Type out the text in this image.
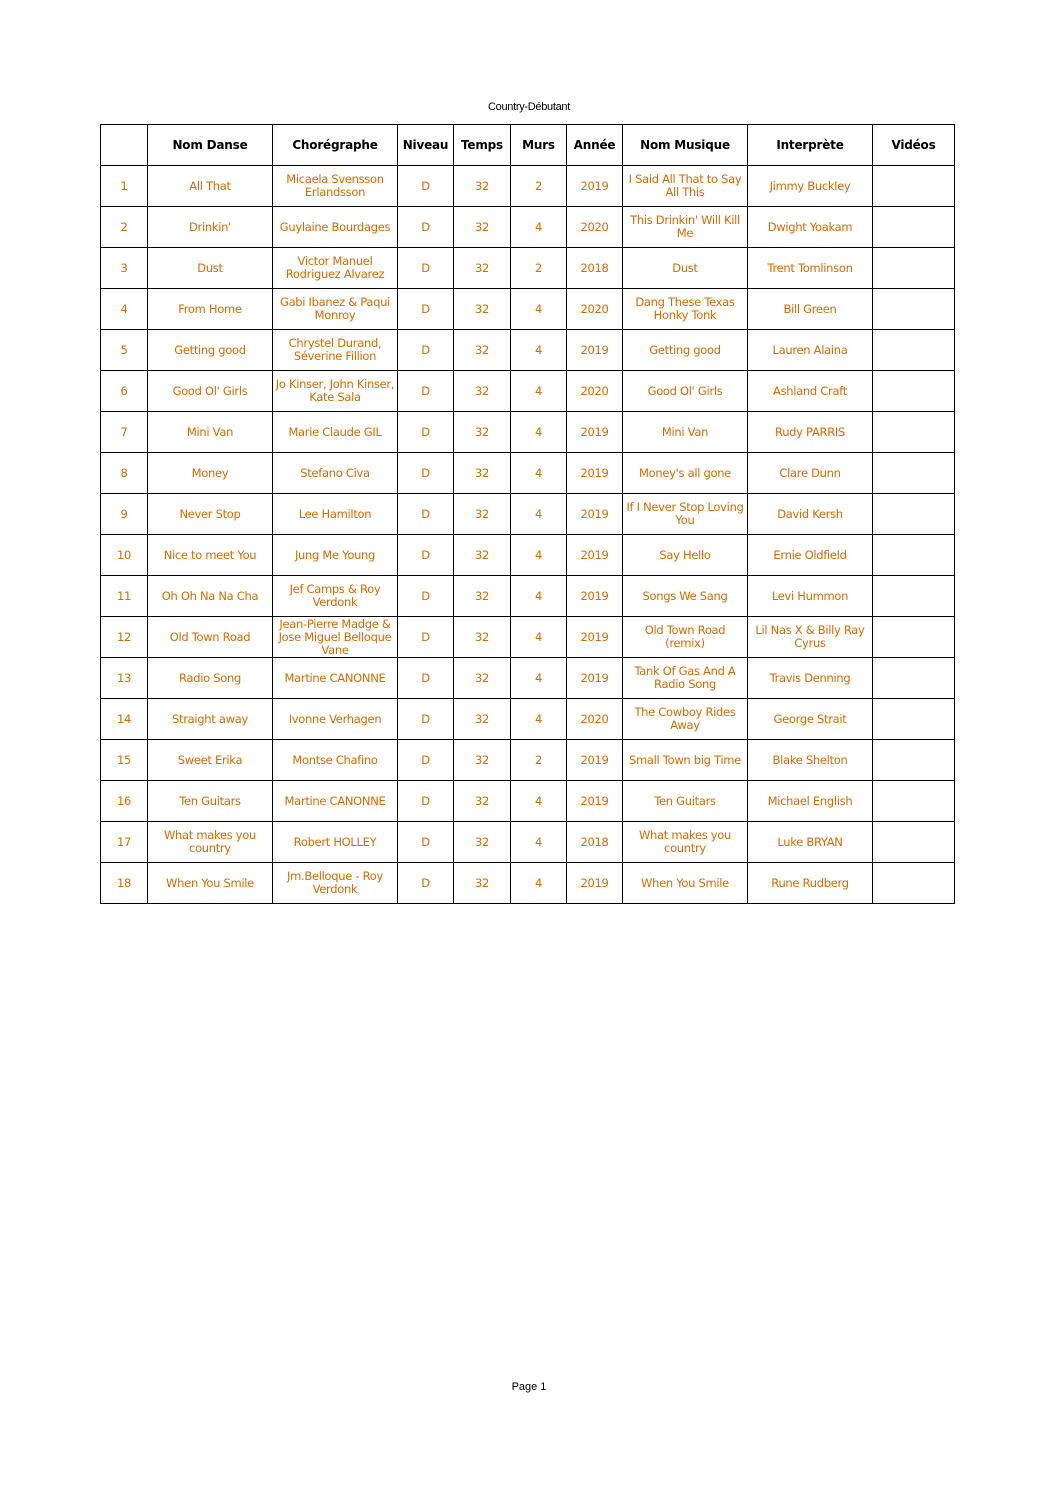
Country-Débutant
	Nom Danse	Chorégraphe	Niveau	Temps	Murs	Année	Nom Musique	Interprète	Vidéos
1	All That	Micaela Svensson Erlandsson	D	32	2	2019	I Said All That to Say All This	Jimmy Buckley	
2	Drinkin'	Guylaine Bourdages	D	32	4	2020	This Drinkin' Will Kill Me	Dwight Yoakam	
3	Dust	Victor Manuel Rodriguez Alvarez	D	32	2	2018	Dust	Trent Tomlinson	
4	From Home	Gabi Ibanez & Paqui Monroy	D	32	4	2020	Dang These Texas Honky Tonk	Bill Green	
5	Getting good	Chrystel Durand, Séverine Fillion	D	32	4	2019	Getting good	Lauren Alaina	
6	Good Ol' Girls	Jo Kinser, John Kinser, Kate Sala	D	32	4	2020	Good Ol' Girls	Ashland Craft	
7	Mini Van	Marie Claude GIL	D	32	4	2019	Mini Van	Rudy PARRIS	
8	Money	Stefano Civa	D	32	4	2019	Money's all gone	Clare Dunn	
9	Never Stop	Lee Hamilton	D	32	4	2019	If I Never Stop Loving You	David Kersh	
10	Nice to meet You	Jung Me Young	D	32	4	2019	Say Hello	Ernie Oldfield	
11	Oh Oh Na Na Cha	Jef Camps & Roy Verdonk	D	32	4	2019	Songs We Sang	Levi Hummon	
12	Old Town Road	Jean-Pierre Madge & Jose Miguel Belloque Vane	D	32	4	2019	Old Town Road (remix)	Lil Nas X & Billy Ray Cyrus	
13	Radio Song	Martine CANONNE	D	32	4	2019	Tank Of Gas And A Radio Song	Travis Denning	
14	Straight away	Ivonne Verhagen	D	32	4	2020	The Cowboy Rides Away	George Strait	
15	Sweet Erika	Montse Chafino	D	32	2	2019	Small Town big Time	Blake Shelton	
16	Ten Guitars	Martine CANONNE	D	32	4	2019	Ten Guitars	Michael English	
17	What makes you country	Robert HOLLEY	D	32	4	2018	What makes you country	Luke BRYAN	
18	When You Smile	Jm.Belloque - Roy Verdonk	D	32	4	2019	When You Smile	Rune Rudberg	
Page 1
